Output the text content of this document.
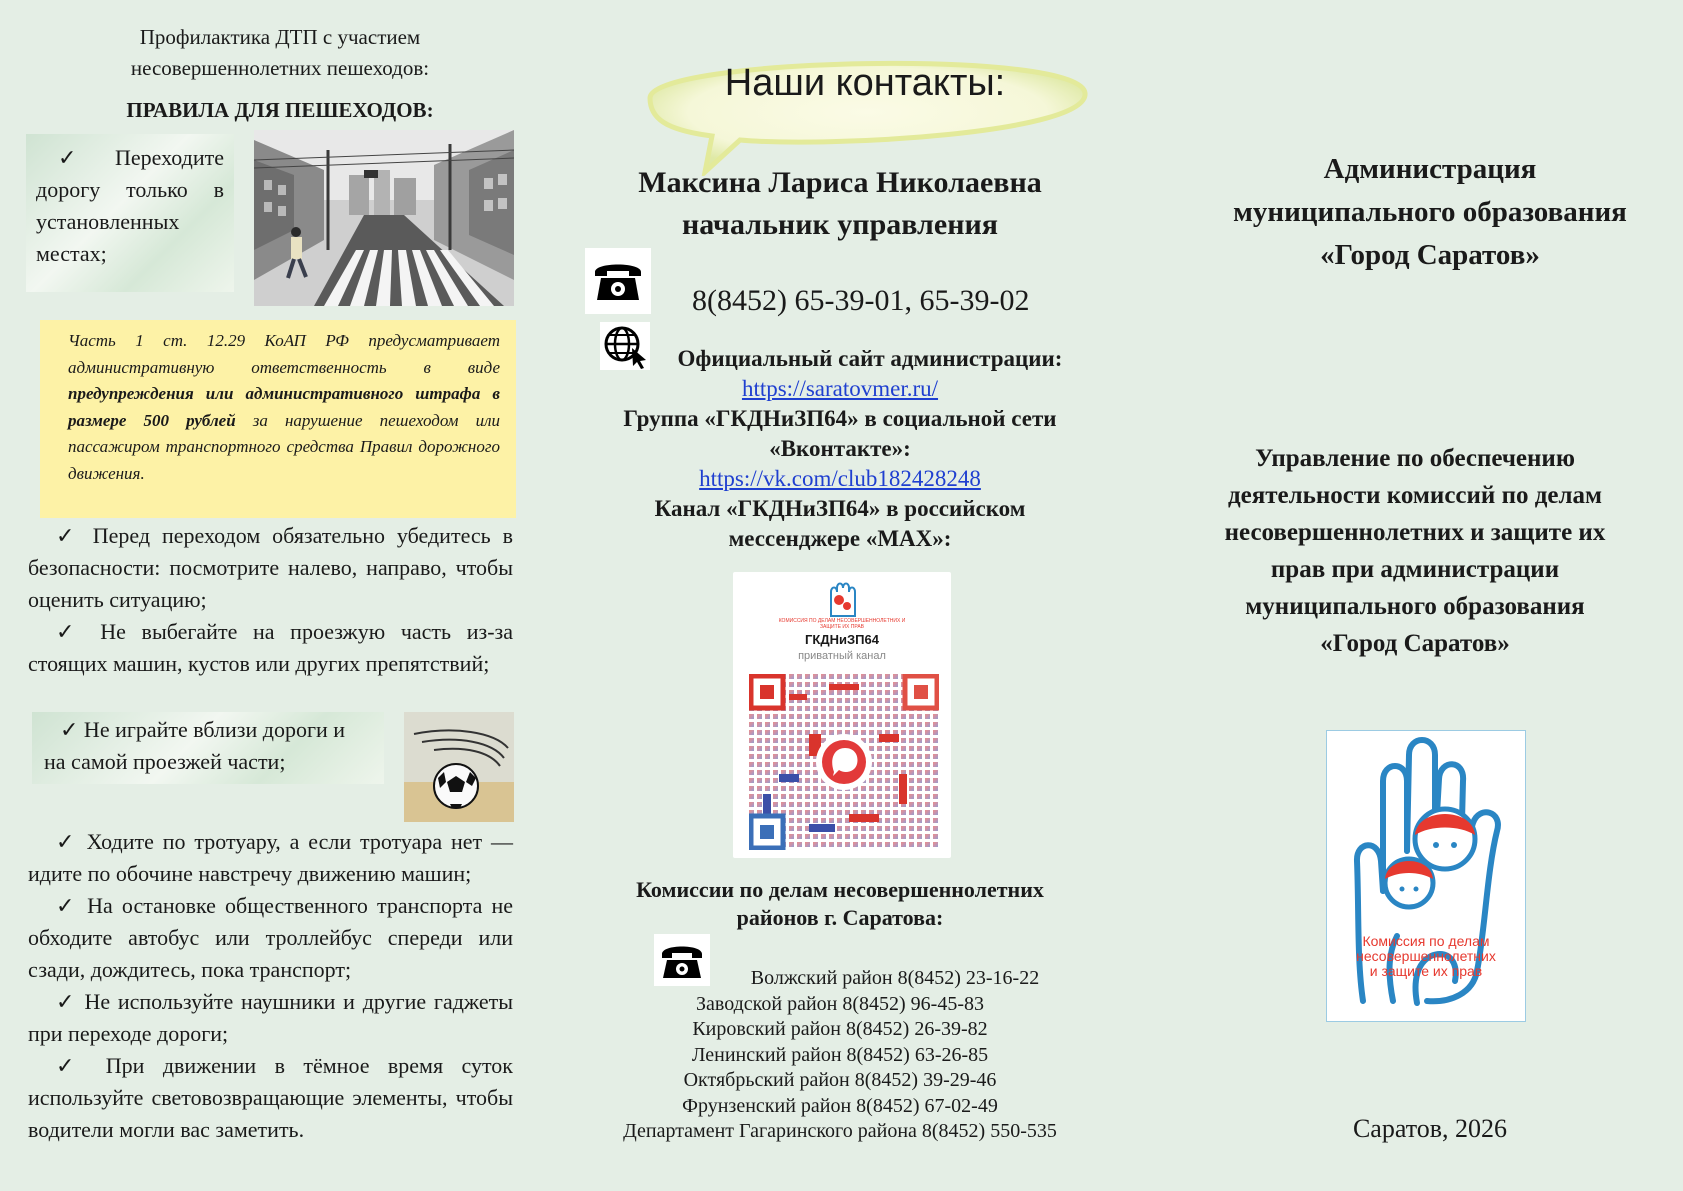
Профилактика ДТП с участием
несовершеннолетних пешеходов:
ПРАВИЛА ДЛЯ ПЕШЕХОДОВ:
✓ Переходите дорогу только в установленных местах;
Часть 1 ст. 12.29 КоАП РФ предусматривает административную ответственность в виде предупреждения или административного штрафа в размере 500 рублей за нарушение пешеходом или пассажиром транспортного средства Правил дорожного движения.

✓ Перед переходом обязательно убедитесь в безопасности: посмотрите налево, направо, чтобы оценить ситуацию;

✓ Не выбегайте на проезжую часть из-за стоящих машин, кустов или других препятствий;

✓ Не играйте вблизи дороги и на самой проезжей части;

✓ Ходите по тротуару, а если тротуара нет — идите по обочине навстречу движению машин;

✓ На остановке общественного транспорта не обходите автобус или троллейбус спереди или сзади, дождитесь, пока транспорт;

✓ Не используйте наушники и другие гаджеты при переходе дороги;

✓ При движении в тёмное время суток используйте световозвращающие элементы, чтобы водители могли вас заметить.

Наши контакты:
Максина Лариса Николаевна
начальник управления
8(8452) 65-39-01, 65-39-02
Официальный сайт администрации:
https://saratovmer.ru/
Группа «ГКДНиЗП64» в социальной сети
«Вконтакте»:
https://vk.com/club182428248
Канал «ГКДНиЗП64» в российском
мессенджере «MAX»:
КОМИССИЯ ПО ДЕЛАМ НЕСОВЕРШЕННОЛЕТНИХ И ЗАЩИТЕ ИХ ПРАВ
ГКДНиЗП64
приватный канал
Комиссии по делам несовершеннолетних
районов г. Саратова:
Волжский район 8(8452) 23-16-22
Заводской район 8(8452) 96-45-83
Кировский район 8(8452) 26-39-82
Ленинский район 8(8452) 63-26-85
Октябрьский район 8(8452) 39-29-46
Фрунзенский район 8(8452) 67-02-49
Департамент Гагаринского района 8(8452) 550-535
Администрация
муниципального образования
«Город Саратов»
Управление по обеспечению
деятельности комиссий по делам
несовершеннолетних и защите их
прав при администрации
муниципального образования
«Город Саратов»
Комиссия по делам
несовершеннолетних
и защите их прав
Саратов, 2026
